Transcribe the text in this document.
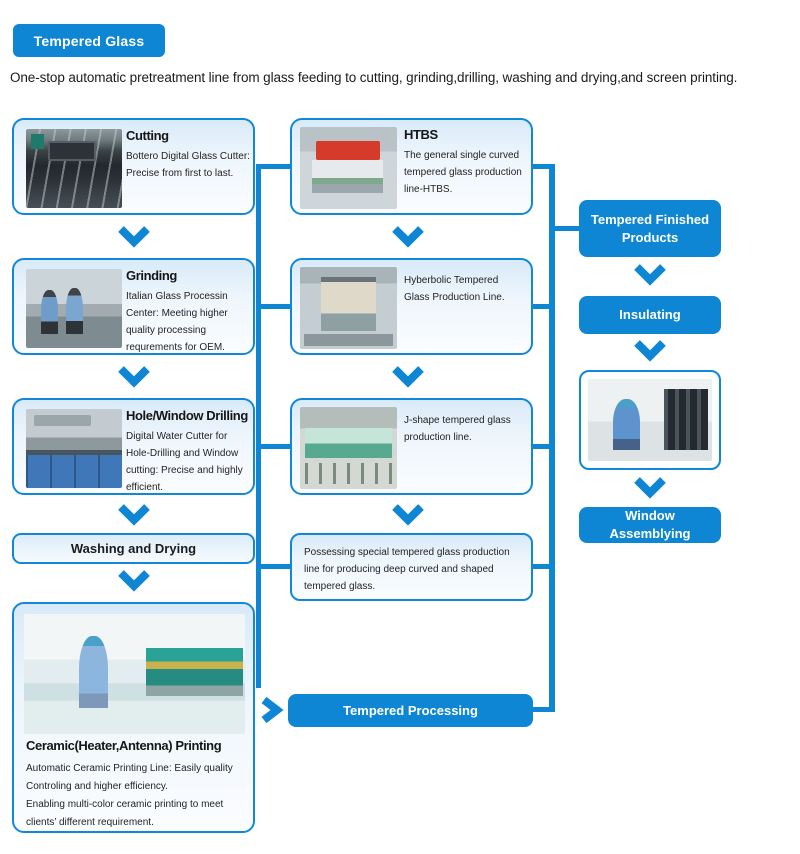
Tempered Glass
One-stop automatic pretreatment line from glass feeding to cutting, grinding,drilling, washing and drying,and screen printing.
Cutting
Bottero Digital Glass Cutter: Precise from first to last.
Grinding
Italian Glass Processin Center: Meeting higher quality processing requrements for OEM.
Hole/Window Drilling
Digital Water Cutter for Hole-Drilling and Window cutting: Precise and highly efficient.
Washing and Drying
Ceramic(Heater,Antenna) Printing
Automatic Ceramic Printing Line: Easily quality Controling and higher efficiency.
Enabling multi-color ceramic printing to meet clients’ different requirement.
HTBS
The general single curved tempered glass production line-HTBS.
Hyberbolic Tempered Glass Production Line.
J-shape tempered glass production line.
Possessing special tempered glass production line for producing deep curved and shaped tempered glass.
Tempered Processing
Tempered Finished Products
Insulating
Window Assemblying
